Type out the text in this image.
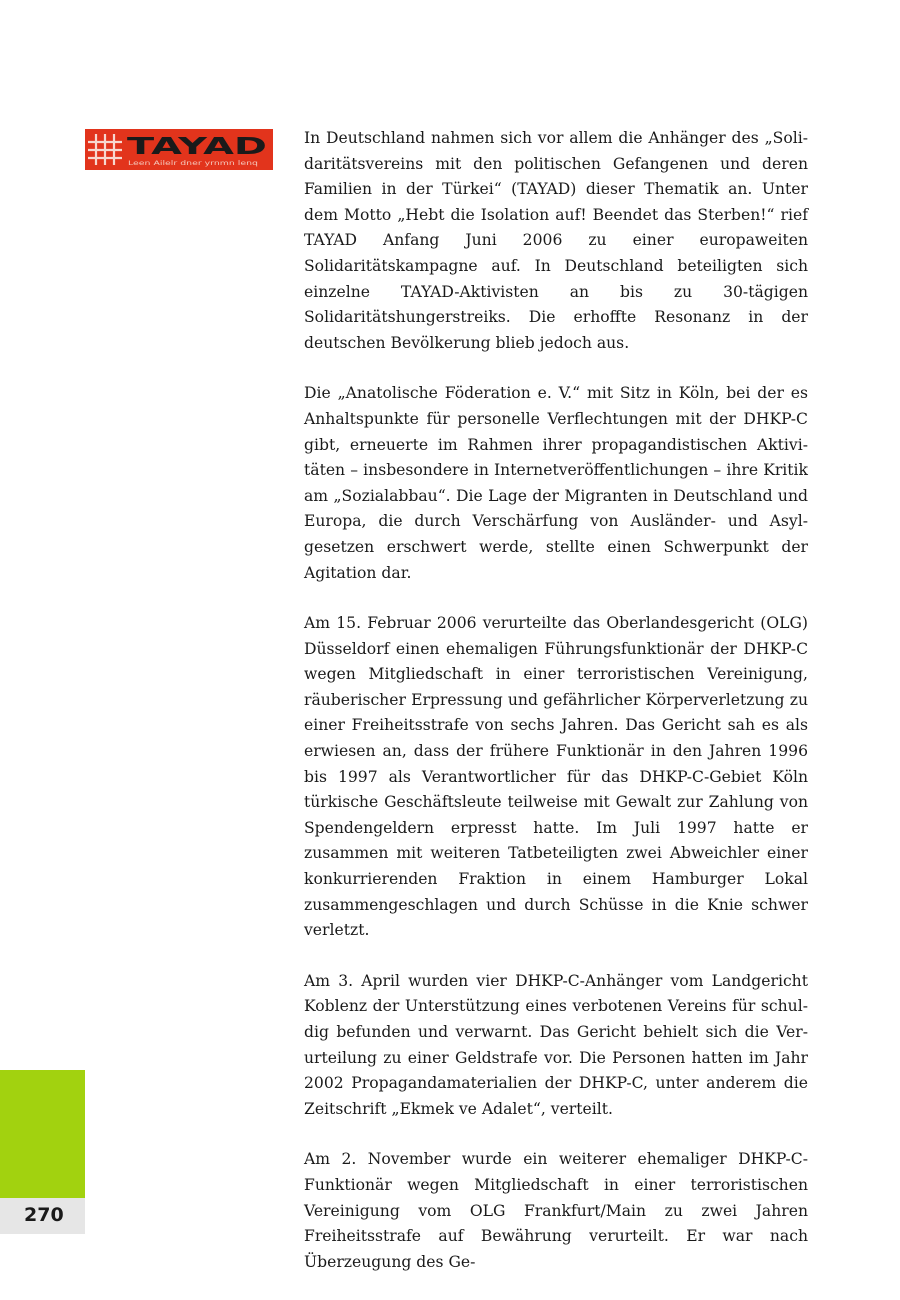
TAYAD
Leen Ailelr dner yrnmn lenq

In Deutschland nahmen sich vor allem die Anhänger des „Solidaritätsvereins mit den politischen Gefangenen und deren Familien in der Türkei“ (TAYAD) dieser Thematik an. Unter dem Motto „Hebt die Isolation auf! Beendet das Sterben!“ rief TAYAD Anfang Juni 2006 zu einer europaweiten Solidaritätskampagne auf. In Deutschland beteiligten sich einzelne TAYAD-Aktivisten an bis zu 30-tägigen Solidaritätshungerstreiks. Die erhoffte Resonanz in der deutschen Bevölkerung blieb jedoch aus.

Die „Anatolische Föderation e. V.“ mit Sitz in Köln, bei der es Anhaltspunkte für personelle Verflechtungen mit der DHKP-C gibt, erneuerte im Rahmen ihrer propagandistischen Aktivitäten – insbesondere in Internetveröffentlichungen – ihre Kritik am „Sozialabbau“. Die Lage der Migranten in Deutschland und Europa, die durch Verschärfung von Ausländer- und Asylgesetzen erschwert werde, stellte einen Schwerpunkt der Agitation dar.

Am 15. Februar 2006 verurteilte das Oberlandesgericht (OLG) Düsseldorf einen ehemaligen Führungsfunktionär der DHKP-C wegen Mitgliedschaft in einer terroristischen Vereinigung, räuberischer Erpressung und gefährlicher Körperverletzung zu einer Freiheitsstrafe von sechs Jahren. Das Gericht sah es als erwiesen an, dass der frühere Funktionär in den Jahren 1996 bis 1997 als Verantwortlicher für das DHKP-C-Gebiet Köln türkische Geschäftsleute teilweise mit Gewalt zur Zahlung von Spendengeldern erpresst hatte. Im Juli 1997 hatte er zusammen mit weiteren Tatbeteiligten zwei Abweichler einer konkurrierenden Fraktion in einem Hamburger Lokal zusammengeschlagen und durch Schüsse in die Knie schwer verletzt.

Am 3. April wurden vier DHKP-C-Anhänger vom Landgericht Koblenz der Unterstützung eines verbotenen Vereins für schuldig befunden und verwarnt. Das Gericht behielt sich die Verurteilung zu einer Geldstrafe vor. Die Personen hatten im Jahr 2002 Propagandamaterialien der DHKP-C, unter anderem die Zeitschrift „Ekmek ve Adalet“, verteilt.

Am 2. November wurde ein weiterer ehemaliger DHKP-C-Funktionär wegen Mitgliedschaft in einer terroristischen Vereinigung vom OLG Frankfurt/Main zu zwei Jahren Freiheitsstrafe auf Bewährung verurteilt. Er war nach Überzeugung des Ge-

270
